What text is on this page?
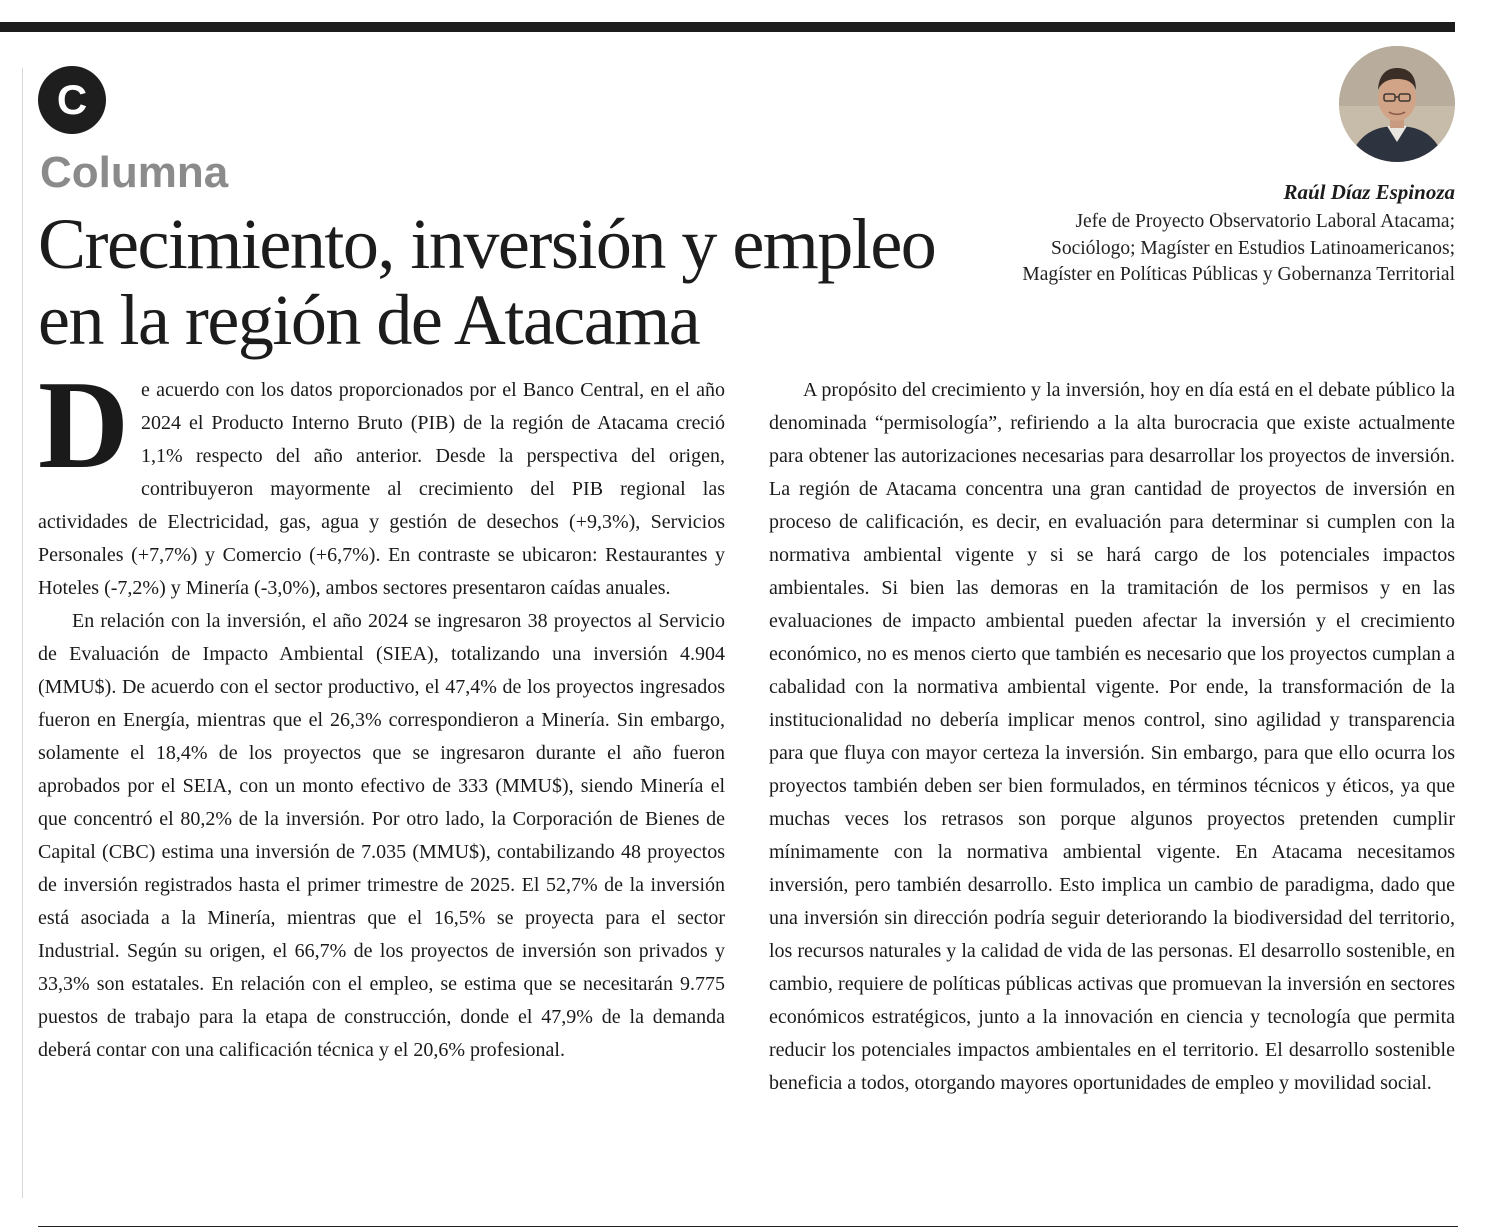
C
Columna
Crecimiento, inversión y empleo en la región de Atacama

Raúl Díaz Espinoza

Jefe de Proyecto Observatorio Laboral Atacama; Sociólogo; Magíster en Estudios Latinoamericanos; Magíster en Políticas Públicas y Gobernanza Territorial

De acuerdo con los datos proporcionados por el Banco Central, en el año 2024 el Producto Interno Bruto (PIB) de la región de Atacama creció 1,1% respecto del año anterior. Desde la perspectiva del origen, contribuyeron mayormente al crecimiento del PIB regional las actividades de Electricidad, gas, agua y gestión de desechos (+9,3%), Servicios Personales (+7,7%) y Comercio (+6,7%). En contraste se ubicaron: Restaurantes y Hoteles (-7,2%) y Minería (-3,0%), ambos sectores presentaron caídas anuales.

En relación con la inversión, el año 2024 se ingresaron 38 proyectos al Servicio de Evaluación de Impacto Ambiental (SIEA), totalizando una inversión 4.904 (MMU$). De acuerdo con el sector productivo, el 47,4% de los proyectos ingresados fueron en Energía, mientras que el 26,3% correspondieron a Minería. Sin embargo, solamente el 18,4% de los proyectos que se ingresaron durante el año fueron aprobados por el SEIA, con un monto efectivo de 333 (MMU$), siendo Minería el que concentró el 80,2% de la inversión. Por otro lado, la Corporación de Bienes de Capital (CBC) estima una inversión de 7.035 (MMU$), contabilizando 48 proyectos de inversión registrados hasta el primer trimestre de 2025. El 52,7% de la inversión está asociada a la Minería, mientras que el 16,5% se proyecta para el sector Industrial. Según su origen, el 66,7% de los proyectos de inversión son privados y 33,3% son estatales. En relación con el empleo, se estima que se necesitarán 9.775 puestos de trabajo para la etapa de construcción, donde el 47,9% de la demanda deberá contar con una calificación técnica y el 20,6% profesional.

A propósito del crecimiento y la inversión, hoy en día está en el debate público la denominada “permisología”, refiriendo a la alta burocracia que existe actualmente para obtener las autorizaciones necesarias para desarrollar los proyectos de inversión. La región de Atacama concentra una gran cantidad de proyectos de inversión en proceso de calificación, es decir, en evaluación para determinar si cumplen con la normativa ambiental vigente y si se hará cargo de los potenciales impactos ambientales. Si bien las demoras en la tramitación de los permisos y en las evaluaciones de impacto ambiental pueden afectar la inversión y el crecimiento económico, no es menos cierto que también es necesario que los proyectos cumplan a cabalidad con la normativa ambiental vigente. Por ende, la transformación de la institucionalidad no debería implicar menos control, sino agilidad y transparencia para que fluya con mayor certeza la inversión. Sin embargo, para que ello ocurra los proyectos también deben ser bien formulados, en términos técnicos y éticos, ya que muchas veces los retrasos son porque algunos proyectos pretenden cumplir mínimamente con la normativa ambiental vigente. En Atacama necesitamos inversión, pero también desarrollo. Esto implica un cambio de paradigma, dado que una inversión sin dirección podría seguir deteriorando la biodiversidad del territorio, los recursos naturales y la calidad de vida de las personas. El desarrollo sostenible, en cambio, requiere de políticas públicas activas que promuevan la inversión en sectores económicos estratégicos, junto a la innovación en ciencia y tecnología que permita reducir los potenciales impactos ambientales en el territorio. El desarrollo sostenible beneficia a todos, otorgando mayores oportunidades de empleo y movilidad social.
